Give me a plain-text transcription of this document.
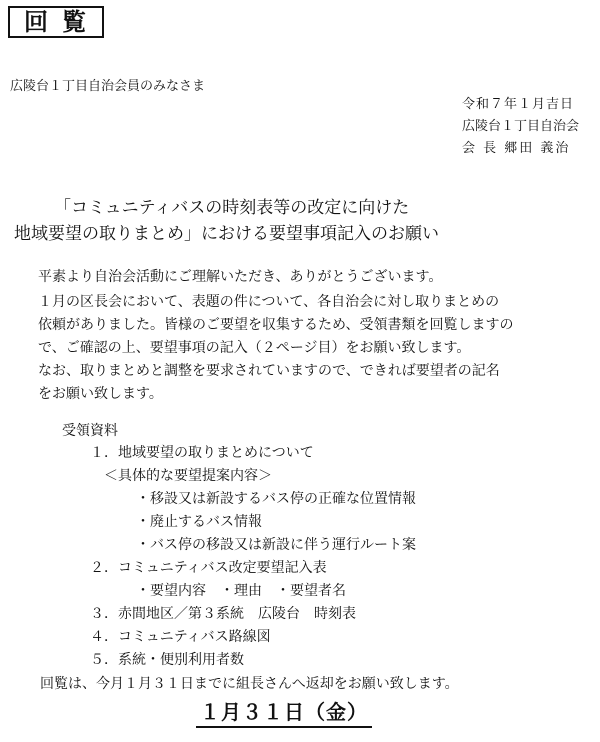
回覧
広陵台１丁目自治会員のみなさま
令和７年１月吉日
広陵台１丁目自治会
会 長 郷田 義治
「コミュニティバスの時刻表等の改定に向けた
地域要望の取りまとめ」における要望事項記入のお願い
平素より自治会活動にご理解いただき、ありがとうございます。
１月の区長会において、表題の件について、各自治会に対し取りまとめの
依頼がありました。皆様のご要望を収集するため、受領書類を回覧しますの
で、ご確認の上、要望事項の記入（２ページ目）をお願い致します。
なお、取りまとめと調整を要求されていますので、できれば要望者の記名
をお願い致します。
受領資料
１．地域要望の取りまとめについて
＜具体的な要望提案内容＞
・移設又は新設するバス停の正確な位置情報
・廃止するバス情報
・バス停の移設又は新設に伴う運行ルート案
２．コミュニティバス改定要望記入表
・要望内容　・理由　・要望者名
３．赤間地区／第３系統　広陵台　時刻表
４．コミュニティバス路線図
５．系統・便別利用者数
回覧は、今月１月３１日までに組長さんへ返却をお願い致します。
１月３１日（金）
